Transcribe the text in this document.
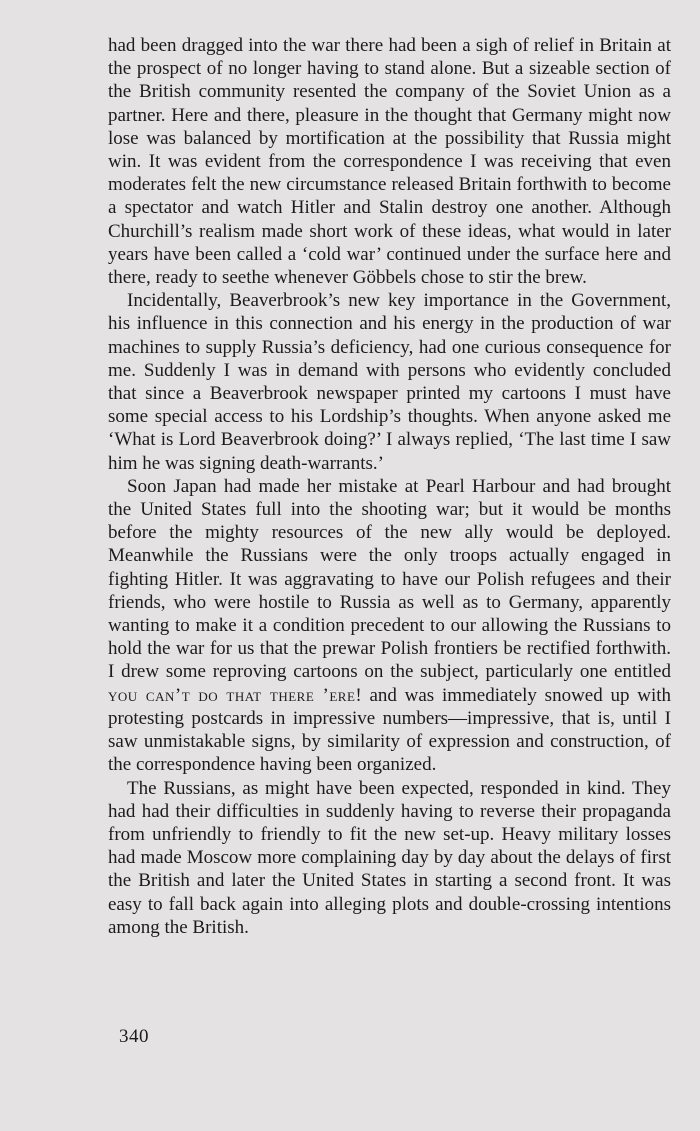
had been dragged into the war there had been a sigh of relief in Britain at the prospect of no longer having to stand alone. But a sizeable section of the British community resented the company of the Soviet Union as a partner. Here and there, pleasure in the thought that Germany might now lose was balanced by mortification at the possibility that Russia might win. It was evident from the correspondence I was receiving that even moderates felt the new circumstance released Britain forthwith to become a spectator and watch Hitler and Stalin destroy one another. Although Churchill’s realism made short work of these ideas, what would in later years have been called a ‘cold war’ continued under the surface here and there, ready to seethe whenever Göbbels chose to stir the brew.

Incidentally, Beaverbrook’s new key importance in the Government, his influence in this connection and his energy in the production of war machines to supply Russia’s deficiency, had one curious consequence for me. Suddenly I was in demand with persons who evidently concluded that since a Beaverbrook newspaper printed my cartoons I must have some special access to his Lordship’s thoughts. When anyone asked me ‘What is Lord Beaverbrook doing?’ I always replied, ‘The last time I saw him he was signing death-warrants.’

Soon Japan had made her mistake at Pearl Harbour and had brought the United States full into the shooting war; but it would be months before the mighty resources of the new ally would be deployed. Meanwhile the Russians were the only troops actually engaged in fighting Hitler. It was aggravating to have our Polish refugees and their friends, who were hostile to Russia as well as to Germany, apparently wanting to make it a condition precedent to our allowing the Russians to hold the war for us that the prewar Polish frontiers be rectified forthwith. I drew some reproving cartoons on the subject, particularly one entitled you can’t do that there ’ere! and was immediately snowed up with protesting postcards in impressive numbers—impressive, that is, until I saw unmistakable signs, by similarity of expression and construction, of the correspondence having been organized.

The Russians, as might have been expected, responded in kind. They had had their difficulties in suddenly having to reverse their propaganda from unfriendly to friendly to fit the new set-up. Heavy military losses had made Moscow more complaining day by day about the delays of first the British and later the United States in starting a second front. It was easy to fall back again into alleging plots and double-crossing intentions among the British.

340
